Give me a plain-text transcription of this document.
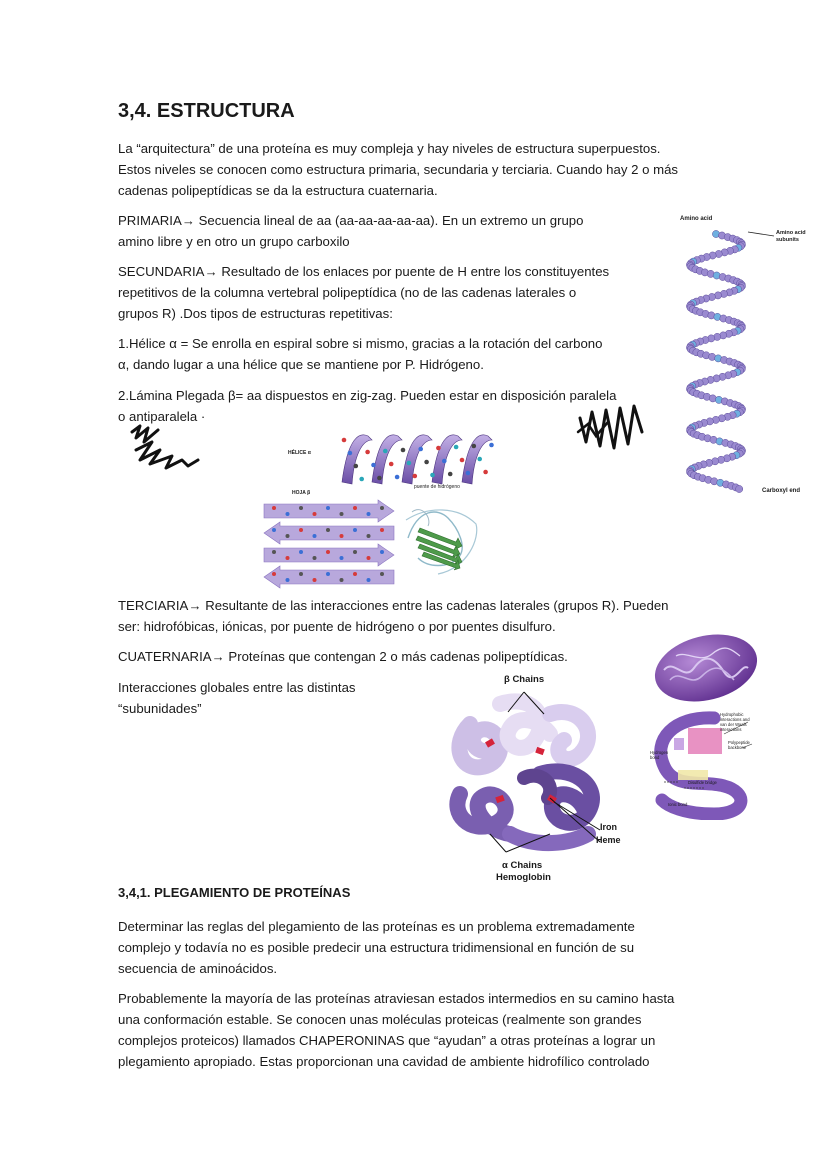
3,4. ESTRUCTURA

La “arquitectura” de una proteína es muy compleja y hay niveles de estructura superpuestos.
Estos niveles se conocen como estructura primaria, secundaria y terciaria. Cuando hay 2 o más
cadenas polipeptídicas se da la estructura cuaternaria.

PRIMARIA→ Secuencia lineal de aa (aa-aa-aa-aa-aa). En un extremo un grupo
amino libre y en otro un grupo carboxilo

SECUNDARIA→ Resultado de los enlaces por puente de H entre los constituyentes
repetitivos de la columna vertebral polipeptídica (no de las cadenas laterales o
grupos R) .Dos tipos de estructuras repetitivas:

1.Hélice α = Se enrolla en espiral sobre si mismo, gracias a la rotación del carbono
α, dando lugar a una hélice que se mantiene por P. Hidrógeno.

2.Lámina Plegada β= aa dispuestos en zig-zag. Pueden estar en disposición paralela
o antiparalela ·

TERCIARIA→ Resultante de las interacciones entre las cadenas laterales (grupos R). Pueden
ser: hidrofóbicas, iónicas, por puente de hidrógeno o por puentes disulfuro.

CUATERNARIA→ Proteínas que contengan 2 o más cadenas polipeptídicas.

Interacciones globales entre las distintas
“subunidades”

3,4,1. PLEGAMIENTO DE PROTEÍNAS

Determinar las reglas del plegamiento de las proteínas es un problema extremadamente
complejo y todavía no es posible predecir una estructura tridimensional en función de su
secuencia de aminoácidos.

Probablemente la mayoría de las proteínas atraviesan estados intermedios en su camino hasta
una conformación estable. Se conocen unas moléculas proteicas (realmente son grandes
complejos proteicos) llamados CHAPERONINAS que “ayudan” a otras proteínas a lograr un
plegamiento apropiado. Estas proporcionan una cavidad de ambiente hidrofílico controlado

Amino acid
Amino acid
subunits
Carboxyl end
HÉLICE α
puente de hidrógeno
HOJA β
Hydrophobic
interactions and
van der Waals
interactions
Polypeptide
backbone
Hydrogen
bond
Disulfide bridge
Ionic bond
β Chains
Iron
Heme
α Chains
Hemoglobin
